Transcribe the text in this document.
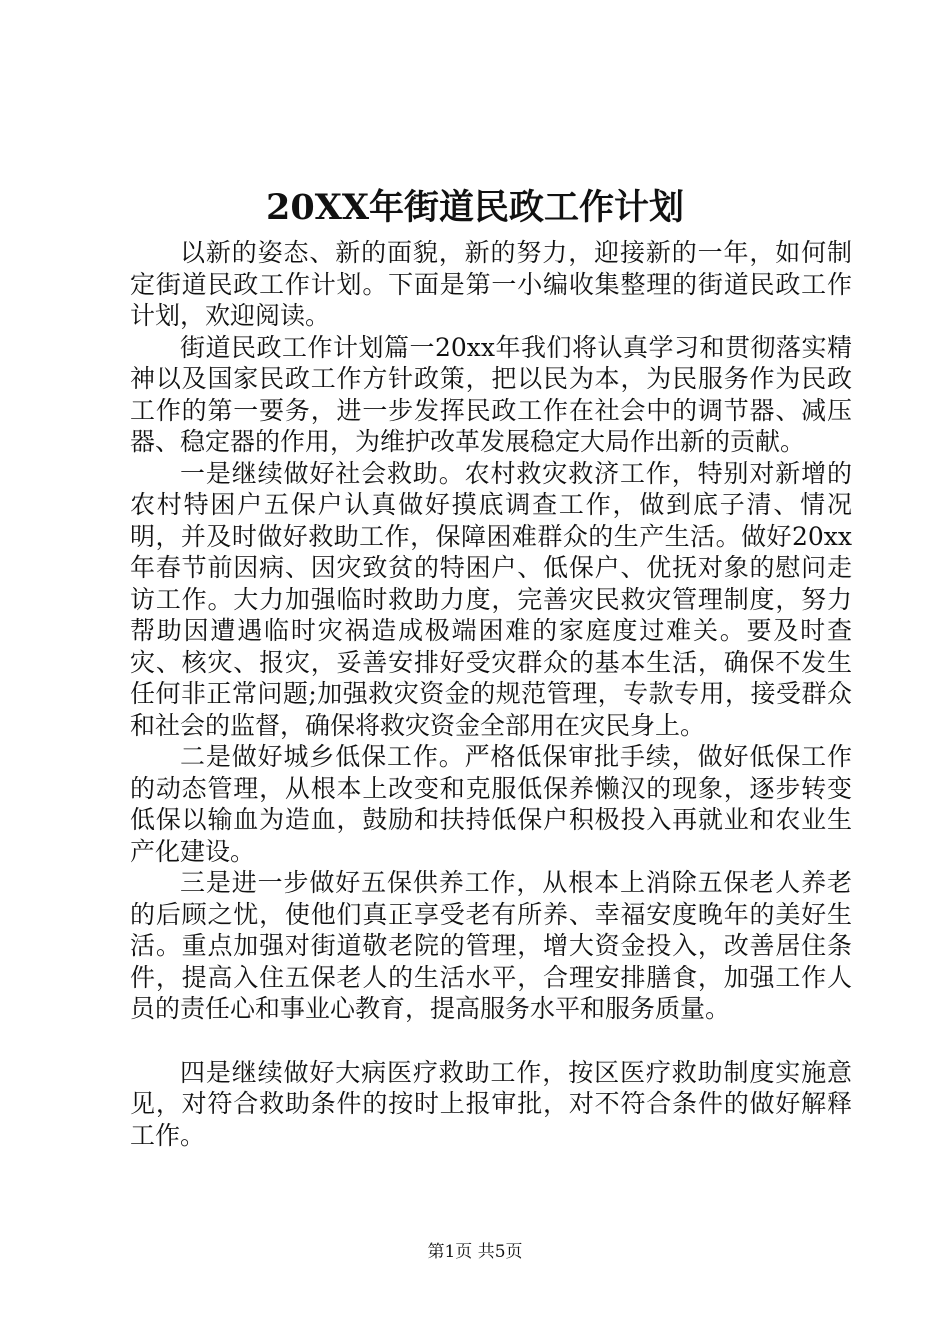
20XX年街道民政工作计划

以新的姿态、新的面貌，新的努力，迎接新的一年，如何制定街道民政工作计划。下面是第一小编收集整理的街道民政工作计划，欢迎阅读。

街道民政工作计划篇一20xx年我们将认真学习和贯彻落实精神以及国家民政工作方针政策，把以民为本，为民服务作为民政工作的第一要务，进一步发挥民政工作在社会中的调节器、减压器、稳定器的作用，为维护改革发展稳定大局作出新的贡献。

一是继续做好社会救助。农村救灾救济工作，特别对新增的农村特困户五保户认真做好摸底调查工作，做到底子清、情况明，并及时做好救助工作，保障困难群众的生产生活。做好20xx年春节前因病、因灾致贫的特困户、低保户、优抚对象的慰问走访工作。大力加强临时救助力度，完善灾民救灾管理制度，努力帮助因遭遇临时灾祸造成极端困难的家庭度过难关。要及时查灾、核灾、报灾，妥善安排好受灾群众的基本生活，确保不发生任何非正常问题;加强救灾资金的规范管理，专款专用，接受群众和社会的监督，确保将救灾资金全部用在灾民身上。

二是做好城乡低保工作。严格低保审批手续，做好低保工作的动态管理，从根本上改变和克服低保养懒汉的现象，逐步转变低保以输血为造血，鼓励和扶持低保户积极投入再就业和农业生产化建设。

三是进一步做好五保供养工作，从根本上消除五保老人养老的后顾之忧，使他们真正享受老有所养、幸福安度晚年的美好生活。重点加强对街道敬老院的管理，增大资金投入，改善居住条件，提高入住五保老人的生活水平，合理安排膳食，加强工作人员的责任心和事业心教育，提高服务水平和服务质量。

四是继续做好大病医疗救助工作，按区医疗救助制度实施意见，对符合救助条件的按时上报审批，对不符合条件的做好解释工作。

第1页 共5页
